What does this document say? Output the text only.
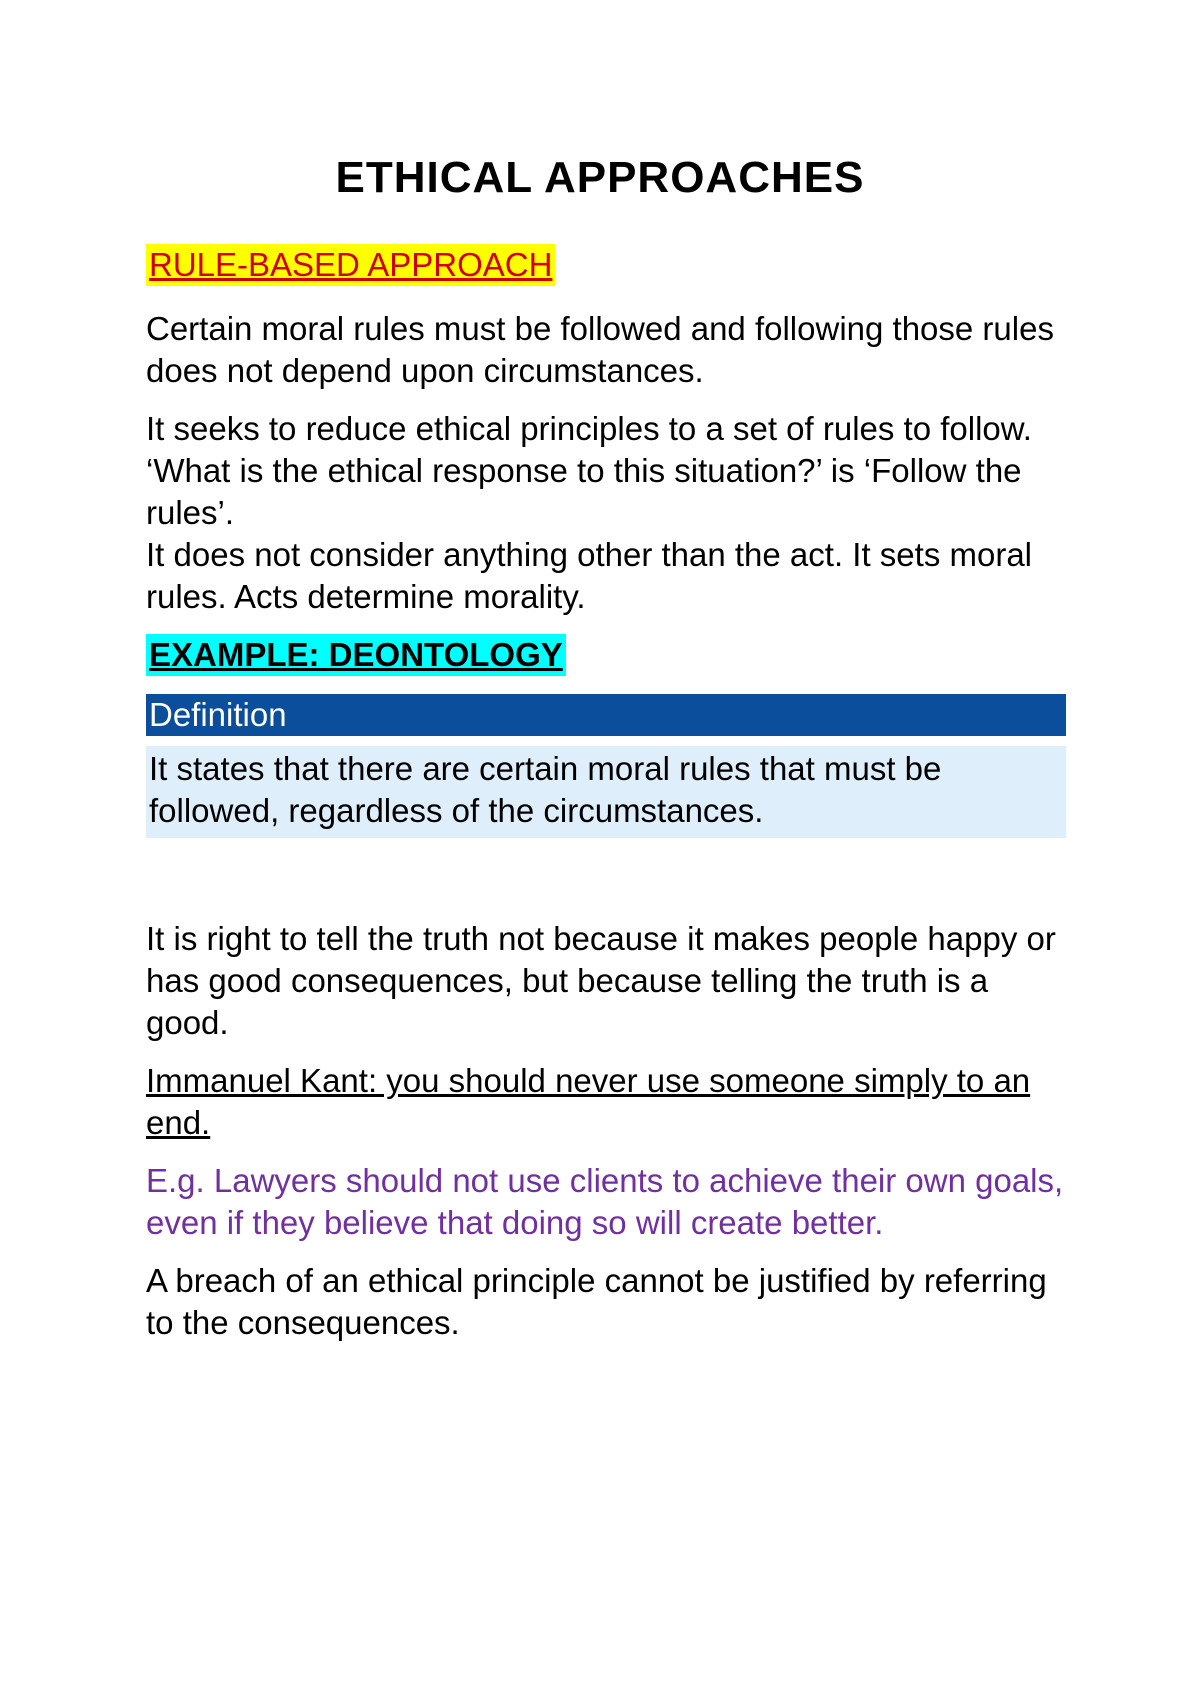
ETHICAL APPROACHES
RULE-BASED APPROACH

Certain moral rules must be followed and following those rules does not depend upon circumstances.

It seeks to reduce ethical principles to a set of rules to follow.

‘What is the ethical response to this situation?’ is ‘Follow the rules’.

It does not consider anything other than the act. It sets moral rules. Acts determine morality.

EXAMPLE: DEONTOLOGY
Definition
It states that there are certain moral rules that must be followed, regardless of the circumstances.

It is right to tell the truth not because it makes people happy or has good consequences, but because telling the truth is a good.

Immanuel Kant: you should never use someone simply to an end.

E.g. Lawyers should not use clients to achieve their own goals, even if they believe that doing so will create better.

A breach of an ethical principle cannot be justified by referring to the consequences.
